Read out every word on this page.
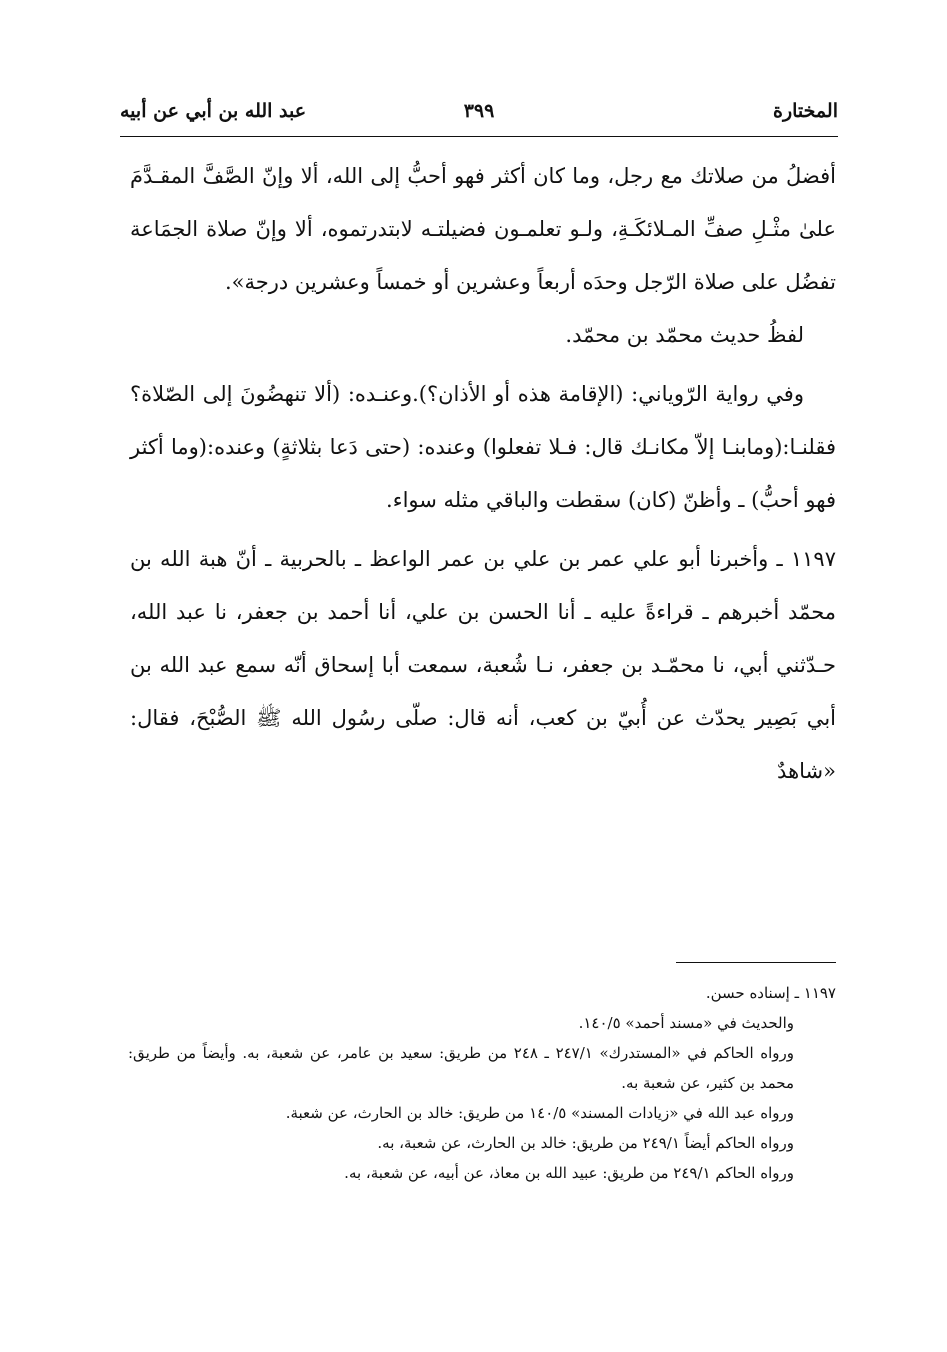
المختارة
٣٩٩
عبد الله بن أبي عن أبيه

أفضلُ من صلاتك مع رجل، وما كان أكثر فهو أحبُّ إلى الله، ألا وإنّ الصَّفَّ المقـدَّمَ علىٰ مثْـلِ صفِّ المـلائكَـةِ، ولـو تعلمـون فضيلتـه لابتدرتموه، ألا وإنّ صلاة الجمَاعة تفضُل على صلاة الرّجل وحدَه أربعاً وعشرين أو خمساً وعشرين درجة».

لفظُ حديث محمّد بن محمّد.

وفي رواية الرّوياني: (الإقامة هذه أو الأذان؟).وعنـده: (ألا تنهضُونَ إلى الصّلاة؟ فقلنـا:(ومابنـا إلاّ مكانـك قال: فـلا تفعلوا) وعنده: (حتى دَعا بثلاثةٍ) وعنده:(وما أكثر فهو أحبُّ) ـ وأظنّ (كان) سقطت والباقي مثله سواء.

١١٩٧ ـ وأخبرنا أبو علي عمر بن علي بن عمر الواعظ ـ بالحربية ـ أنّ هبة الله بن محمّد أخبرهم ـ قراءةً عليه ـ أنا الحسن بن علي، أنا أحمد بن جعفر، نا عبد الله، حـدّثني أبي، نا محمّـد بن جعفر، نـا شُعبة، سمعت أبا إسحاق أنّه سمع عبد الله بن أبي بَصِير يحدّث عن أُبيّ بن كعب، أنه قال: صلّى رسُول الله ﷺ الصُّبْحَ، فقال: «شاهدٌ

١١٩٧ ـ إسناده حسن.

والحديث في «مسند أحمد» ١٤٠/٥.

ورواه الحاكم في «المستدرك» ٢٤٧/١ ـ ٢٤٨ من طريق: سعيد بن عامر، عن شعبة، به. وأيضاً من طريق: محمد بن كثير، عن شعبة به.

ورواه عبد الله في «زيادات المسند» ١٤٠/٥ من طريق: خالد بن الحارث، عن شعبة.

ورواه الحاكم أيضاً ٢٤٩/١ من طريق: خالد بن الحارث، عن شعبة، به.

ورواه الحاكم ٢٤٩/١ من طريق: عبيد الله بن معاذ، عن أبيه، عن شعبة، به.
